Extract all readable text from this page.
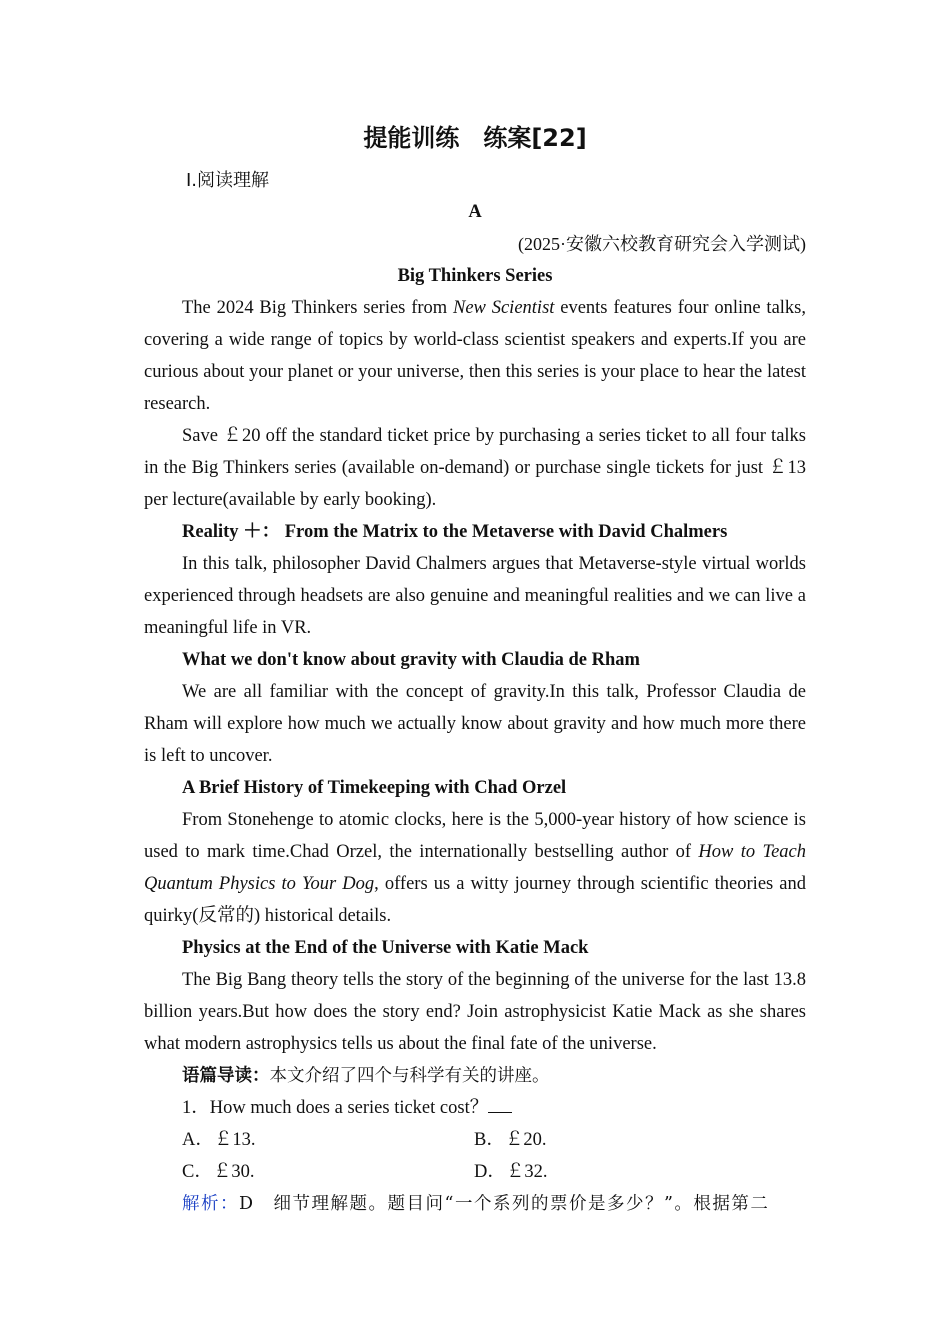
提能训练　练案[22]
Ⅰ.阅读理解
A
(2025·安徽六校教育研究会入学测试)
Big Thinkers Series

The 2024 Big Thinkers series from New Scientist events features four online talks, covering a wide range of topics by world-class scientist speakers and experts.If you are curious about your planet or your universe, then this series is your place to hear the latest research.

Save ￡20 off the standard ticket price by purchasing a series ticket to all four talks in the Big Thinkers series (available on-demand) or purchase single tickets for just ￡13 per lecture(available by early booking).

Reality ＋： From the Matrix to the Metaverse with David Chalmers

In this talk, philosopher David Chalmers argues that Metaverse-style virtual worlds experienced through headsets are also genuine and meaningful realities and we can live a meaningful life in VR.

What we don't know about gravity with Claudia de Rham

We are all familiar with the concept of gravity.In this talk, Professor Claudia de Rham will explore how much we actually know about gravity and how much more there is left to uncover.

A Brief History of Timekeeping with Chad Orzel

From Stonehenge to atomic clocks, here is the 5,000-year history of how science is used to mark time.Chad Orzel, the internationally bestselling author of How to Teach Quantum Physics to Your Dog, offers us a witty journey through scientific theories and quirky(反常的) historical details.

Physics at the End of the Universe with Katie Mack

The Big Bang theory tells the story of the beginning of the universe for the last 13.8 billion years.But how does the story end? Join astrophysicist Katie Mack as she shares what modern astrophysics tells us about the final fate of the universe.

语篇导读：本文介绍了四个与科学有关的讲座。
1．How much does a series ticket cost？
A．￡13.	B．￡20.
C．￡30.	D．￡32.
解析：D　细节理解题。题目问“一个系列的票价是多少？”。根据第二
